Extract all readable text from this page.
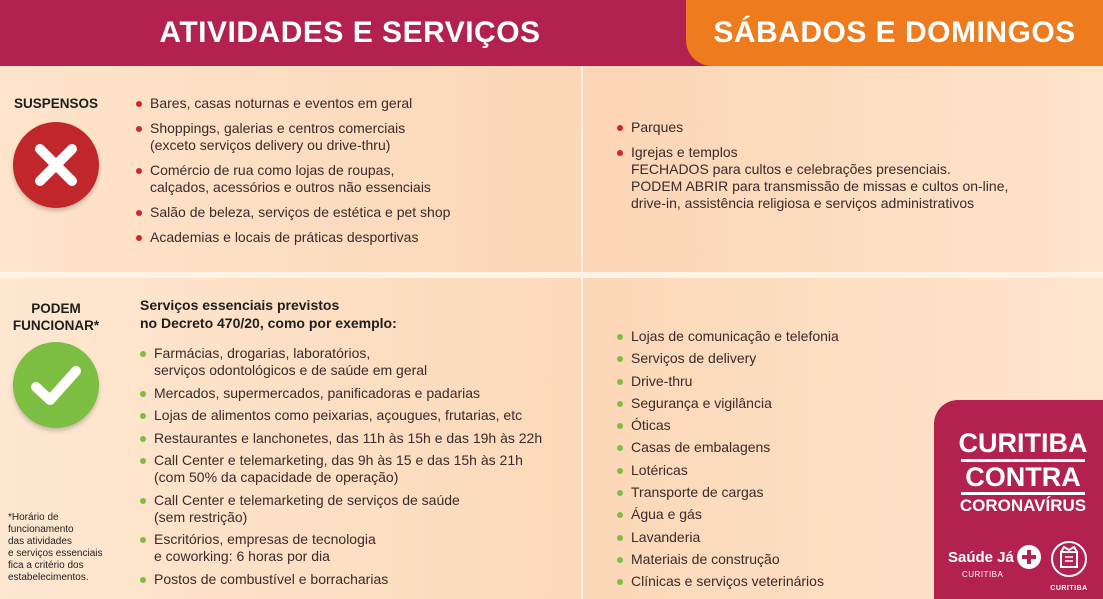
ATIVIDADES E SERVIÇOS	SÁBADOS E DOMINGOS
SUSPENSOS	Bares, casas noturnas e eventos em geral
Shoppings, galerias e centros comerciais
(exceto serviços delivery ou drive-thru)
Comércio de rua como lojas de roupas,
calçados, acessórios e outros não essenciais
Salão de beleza, serviços de estética e pet shop
Academias e locais de práticas desportivas
Parques
Igrejas e templos
FECHADOS para cultos e celebrações presenciais.
PODEM ABRIR para transmissão de missas e cultos on-line,
drive-in, assistência religiosa e serviços administrativos
PODEM
FUNCIONAR*
Serviços essenciais previstos
no Decreto 470/20, como por exemplo:
Farmácias, drogarias, laboratórios,
serviços odontológicos e de saúde em geral
Mercados, supermercados, panificadoras e padarias
Lojas de alimentos como peixarias, açougues, frutarias, etc
Restaurantes e lanchonetes, das 11h às 15h e das 19h às 22h
Call Center e telemarketing, das 9h às 15 e das 15h às 21h
(com 50% da capacidade de operação)
Call Center e telemarketing de serviços de saúde
(sem restrição)
Escritórios, empresas de tecnologia
e coworking: 6 horas por dia
Postos de combustível e borracharias
Lojas de comunicação e telefonia
Serviços de delivery
Drive-thru
Segurança e vigilância
Óticas
Casas de embalagens
Lotéricas
Transporte de cargas
Água e gás
Lavanderia
Materiais de construção
Clínicas e serviços veterinários
*Horário de
funcionamento
das atividades
e serviços essenciais
fica a critério dos
estabelecimentos.
CURITIBA
CONTRA
CORONAVÍRUS
Saúde Já
CURITIBA
CURITIBA
